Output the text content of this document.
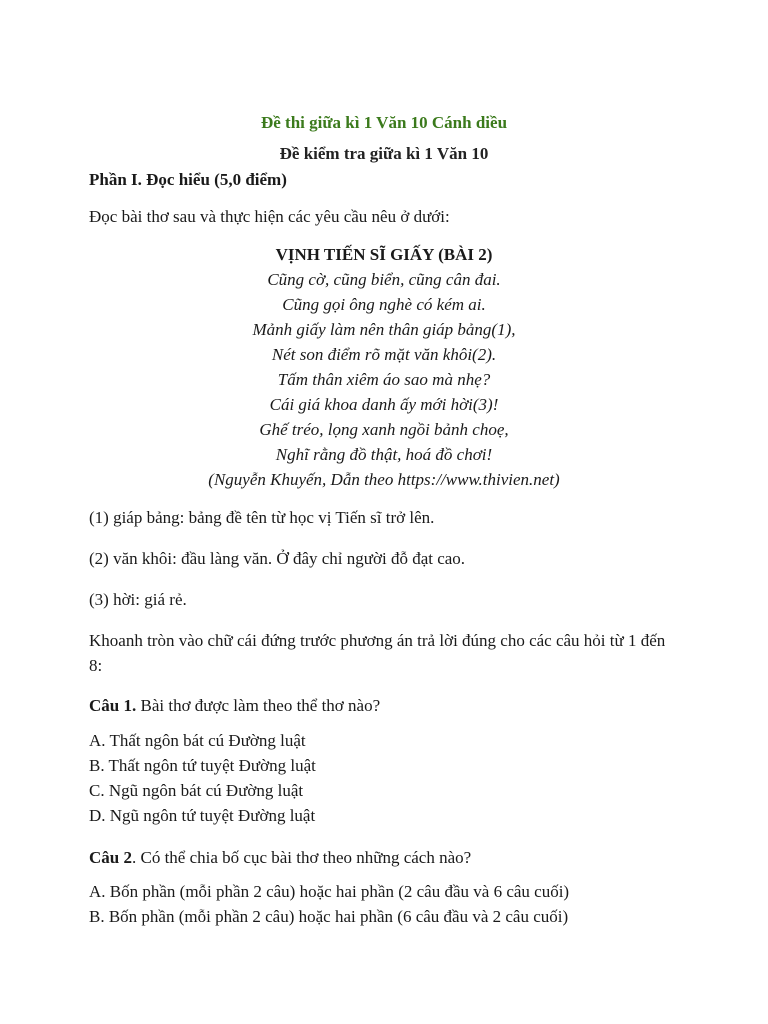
Đề thi giữa kì 1 Văn 10 Cánh diều
Đề kiểm tra giữa kì 1 Văn 10
Phần I. Đọc hiểu (5,0 điểm)
Đọc bài thơ sau và thực hiện các yêu cầu nêu ở dưới:
VỊNH TIẾN SĨ GIẤY (BÀI 2)
Cũng cờ, cũng biển, cũng cân đai.
Cũng gọi ông nghè có kém ai.
Mảnh giấy làm nên thân giáp bảng(1),
Nét son điểm rõ mặt văn khôi(2).
Tấm thân xiêm áo sao mà nhẹ?
Cái giá khoa danh ấy mới hời(3)!
Ghế tréo, lọng xanh ngồi bảnh choẹ,
Nghĩ rằng đồ thật, hoá đồ chơi!
(Nguyễn Khuyến, Dẫn theo https://www.thivien.net)
(1) giáp bảng: bảng đề tên từ học vị Tiến sĩ trở lên.
(2) văn khôi: đầu làng văn. Ở đây chỉ người đỗ đạt cao.
(3) hời: giá rẻ.
Khoanh tròn vào chữ cái đứng trước phương án trả lời đúng cho các câu hỏi từ 1 đến 8:
Câu 1. Bài thơ được làm theo thể thơ nào?
A. Thất ngôn bát cú Đường luật
B. Thất ngôn tứ tuyệt Đường luật
C. Ngũ ngôn bát cú Đường luật
D. Ngũ ngôn tứ tuyệt Đường luật
Câu 2. Có thể chia bố cục bài thơ theo những cách nào?
A. Bốn phần (mỗi phần 2 câu) hoặc hai phần (2 câu đầu và 6 câu cuối)
B. Bốn phần (mỗi phần 2 câu) hoặc hai phần (6 câu đầu và 2 câu cuối)
